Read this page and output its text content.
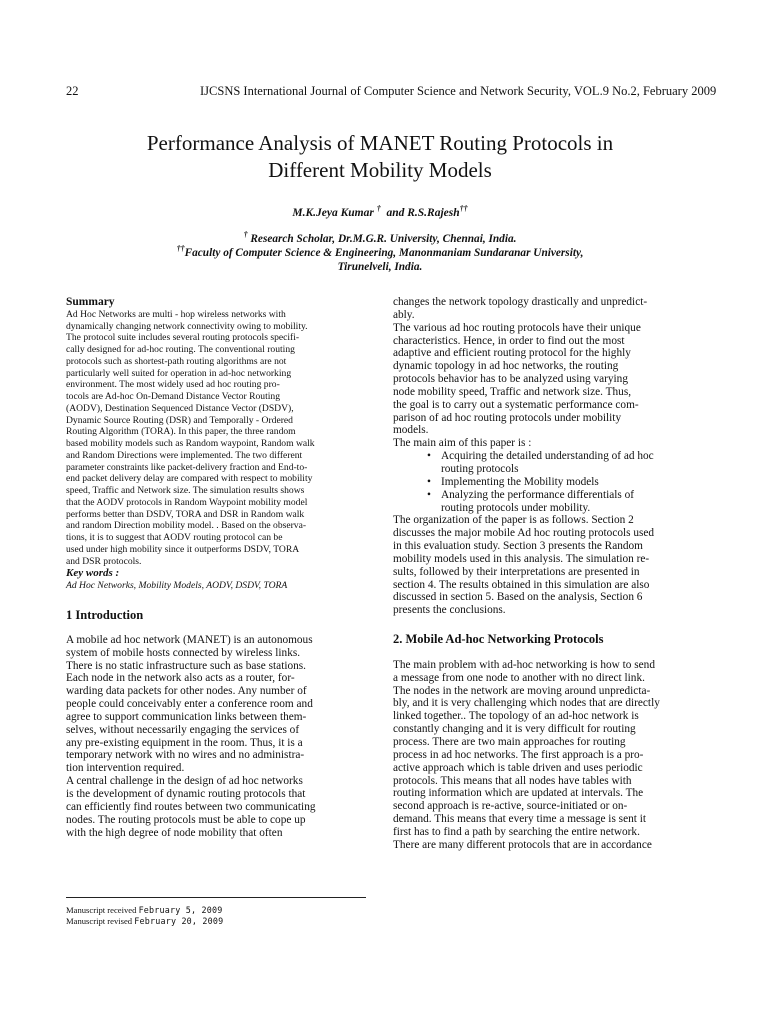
22	IJCSNS International Journal of Computer Science and Network Security, VOL.9 No.2, February 2009
Performance Analysis of MANET Routing Protocols in
Different Mobility Models
M.K.Jeya Kumar † and R.S.Rajesh††

† Research Scholar, Dr.M.G.R. University, Chennai, India.

††Faculty of Computer Science & Engineering, Manonmaniam Sundaranar University,

Tirunelveli, India.

Summary

Ad Hoc Networks are multi - hop wireless networks with
dynamically changing network connectivity owing to mobility.
The protocol suite includes several routing protocols specifi-
cally designed for ad-hoc routing. The conventional routing
protocols such as shortest-path routing algorithms are not
particularly well suited for operation in ad-hoc networking
environment. The most widely used ad hoc routing pro-
tocols are Ad-hoc On-Demand Distance Vector Routing
(AODV), Destination Sequenced Distance Vector (DSDV),
Dynamic Source Routing (DSR) and Temporally - Ordered
Routing Algorithm (TORA). In this paper, the three random
based mobility models such as Random waypoint, Random walk
and Random Directions were implemented. The two different
parameter constraints like packet-delivery fraction and End-to-
end packet delivery delay are compared with respect to mobility
speed, Traffic and Network size. The simulation results shows
that the AODV protocols in Random Waypoint mobility model
performs better than DSDV, TORA and DSR in Random walk
and random Direction mobility model. . Based on the observa-
tions, it is to suggest that AODV routing protocol can be
used under high mobility since it outperforms DSDV, TORA
and DSR protocols.

Key words :

Ad Hoc Networks, Mobility Models, AODV, DSDV, TORA

1 Introduction

A mobile ad hoc network (MANET) is an autonomous
system of mobile hosts connected by wireless links.
There is no static infrastructure such as base stations.
Each node in the network also acts as a router, for-
warding data packets for other nodes. Any number of
people could conceivably enter a conference room and
agree to support communication links between them-
selves, without necessarily engaging the services of
any pre-existing equipment in the room. Thus, it is a
temporary network with no wires and no administra-
tion intervention required.
A central challenge in the design of ad hoc networks
is the development of dynamic routing protocols that
can efficiently find routes between two communicating
nodes. The routing protocols must be able to cope up
with the high degree of node mobility that often
changes the network topology drastically and unpredict-
ably.
The various ad hoc routing protocols have their unique
characteristics. Hence, in order to find out the most
adaptive and efficient routing protocol for the highly
dynamic topology in ad hoc networks, the routing
protocols behavior has to be analyzed using varying
node mobility speed, Traffic and network size. Thus,
the goal is to carry out a systematic performance com-
parison of ad hoc routing protocols under mobility
models.
The main aim of this paper is :
• Acquiring the detailed understanding of ad hoc
routing protocols
• Implementing the Mobility models
• Analyzing the performance differentials of
routing protocols under mobility.
The organization of the paper is as follows. Section 2
discusses the major mobile Ad hoc routing protocols used
in this evaluation study. Section 3 presents the Random
mobility models used in this analysis. The simulation re-
sults, followed by their interpretations are presented in
section 4. The results obtained in this simulation are also
discussed in section 5. Based on the analysis, Section 6
presents the conclusions.

2. Mobile Ad-hoc Networking Protocols

The main problem with ad-hoc networking is how to send
a message from one node to another with no direct link.
The nodes in the network are moving around unpredicta-
bly, and it is very challenging which nodes that are directly
linked together.. The topology of an ad-hoc network is
constantly changing and it is very difficult for routing
process. There are two main approaches for routing
process in ad hoc networks. The first approach is a pro-
active approach which is table driven and uses periodic
protocols. This means that all nodes have tables with
routing information which are updated at intervals. The
second approach is re-active, source-initiated or on-
demand. This means that every time a message is sent it
first has to find a path by searching the entire network.
There are many different protocols that are in accordance

Manuscript received February 5, 2009

Manuscript revised February 20, 2009
